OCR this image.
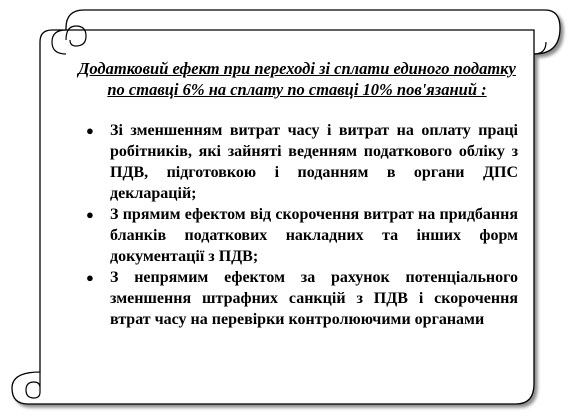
Додатковий ефект при переході зі сплати единого податку по ставці 6% на сплату по ставці 10% пов'язаний :

● Зі зменшенням витрат часу і витрат на оплату праці робітників, які зайняті веденням податкового обліку з ПДВ, підготовкою і поданням в органи ДПС декларацій;
● З прямим ефектом від скорочення витрат на придбання бланків податкових накладних та інших форм документації з ПДВ;
● З непрямим ефектом за рахунок потенціального зменшення штрафних санкцій з ПДВ і скорочення втрат часу на перевірки контролюючими органами
